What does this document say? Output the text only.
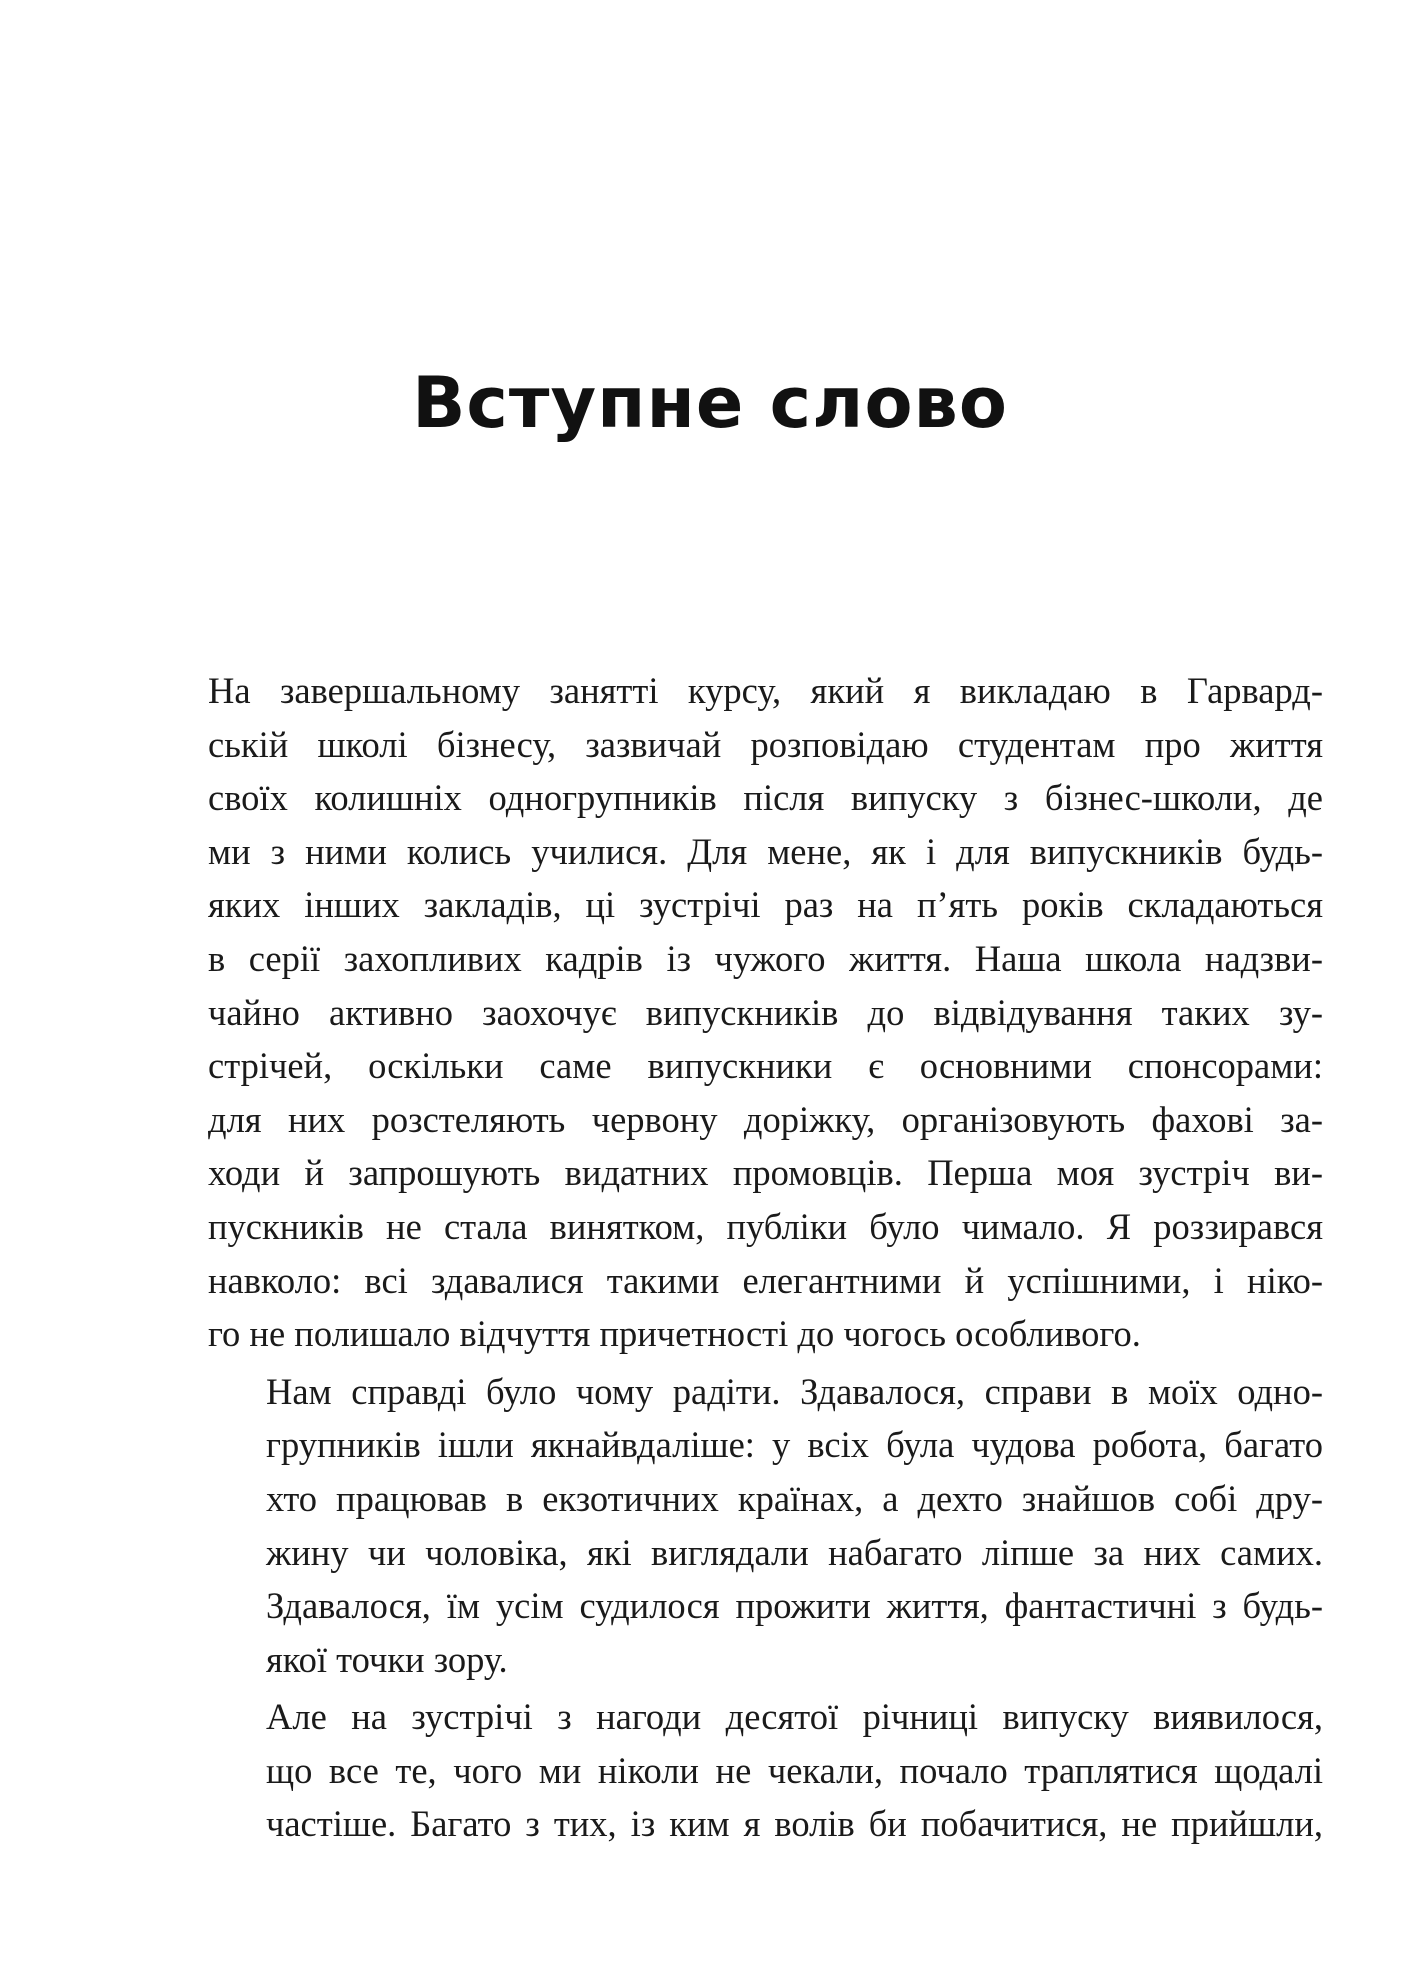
Вступне слово

На завершальному занятті курсу, який я викладаю в Гарвард-
ській школі бізнесу, зазвичай розповідаю студентам про життя
своїх колишніх одногрупників після випуску з бізнес-школи, де
ми з ними колись училися. Для мене, як і для випускників будь-
яких інших закладів, ці зустрічі раз на п’ять років складаються
в серії захопливих кадрів із чужого життя. Наша школа надзви-
чайно активно заохочує випускників до відвідування таких зу-
стрічей, оскільки саме випускники є основними спонсорами:
для них розстеляють червону доріжку, організовують фахові за-
ходи й запрошують видатних промовців. Перша моя зустріч ви-
пускників не стала винятком, публіки було чимало. Я роззирався
навколо: всі здавалися такими елегантними й успішними, і ніко-
го не полишало відчуття причетності до чогось особливого.

Нам справді було чому радіти. Здавалося, справи в моїх одно-
групників ішли якнайвдаліше: у всіх була чудова робота, багато
хто працював в екзотичних країнах, а дехто знайшов собі дру-
жину чи чоловіка, які виглядали набагато ліпше за них самих.
Здавалося, їм усім судилося прожити життя, фантастичні з будь-
якої точки зору.

Але на зустрічі з нагоди десятої річниці випуску виявилося,
що все те, чого ми ніколи не чекали, почало траплятися щодалі
частіше. Багато з тих, із ким я волів би побачитися, не прийшли,
